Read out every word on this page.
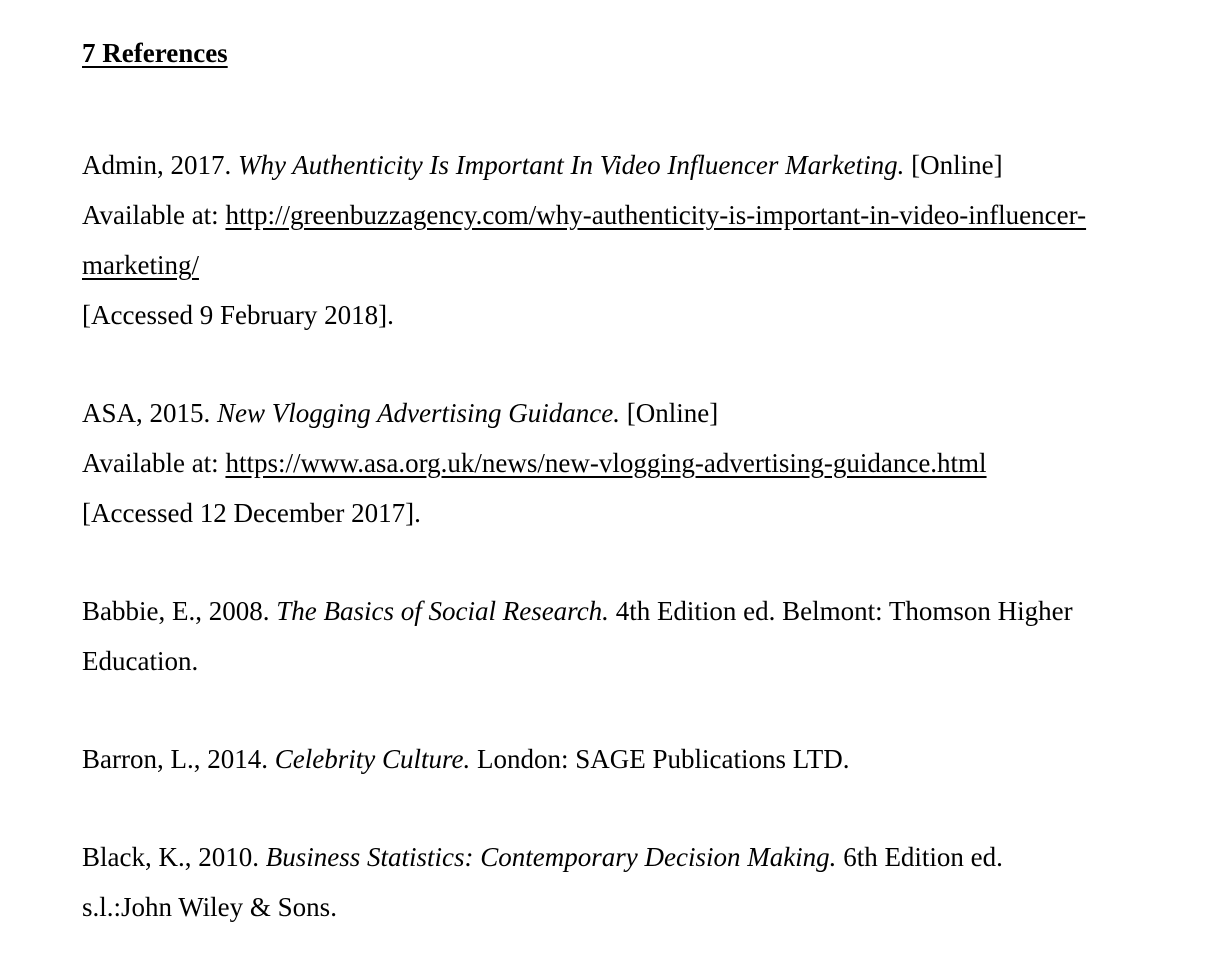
7 References
Admin, 2017. Why Authenticity Is Important In Video Influencer Marketing. [Online]
Available at: http://greenbuzzagency.com/why-authenticity-is-important-in-video-influencer-
marketing/
[Accessed 9 February 2018].
ASA, 2015. New Vlogging Advertising Guidance. [Online]
Available at: https://www.asa.org.uk/news/new-vlogging-advertising-guidance.html
[Accessed 12 December 2017].
Babbie, E., 2008. The Basics of Social Research. 4th Edition ed. Belmont: Thomson Higher
Education.
Barron, L., 2014. Celebrity Culture. London: SAGE Publications LTD.
Black, K., 2010. Business Statistics: Contemporary Decision Making. 6th Edition ed.
s.l.:John Wiley & Sons.
